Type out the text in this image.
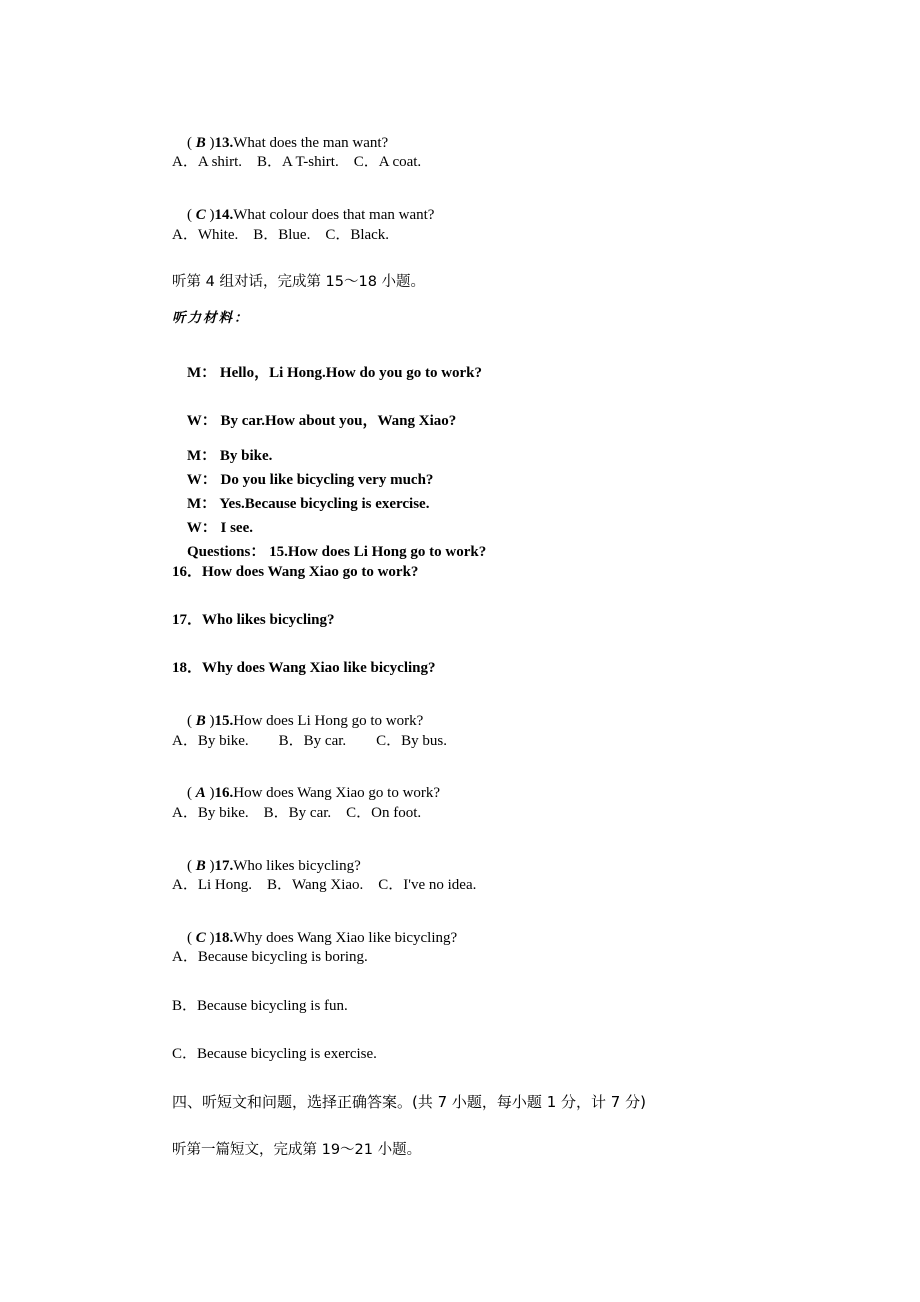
( B )13.What does the man want?

A．A shirt.    B．A T-shirt.    C．A coat.

( C )14.What colour does that man want?

A．White.    B．Blue.    C．Black.
听第 4 组对话，完成第 15～18 小题。
听力材料：

M： Hello，Li Hong.How do you go to work?

W： By car.How about you，Wang Xiao?

M： By bike.

W： Do you like bicycling very much?

M： Yes.Because bicycling is exercise.

W： I see.

Questions： 15.How does Li Hong go to work?

16．How does Wang Xiao go to work?
17．Who likes bicycling?
18．Why does Wang Xiao like bicycling?

( B )15.How does Li Hong go to work?

A．By bike.        B．By car.        C．By bus.

( A )16.How does Wang Xiao go to work?

A．By bike.    B．By car.    C．On foot.

( B )17.Who likes bicycling?

A．Li Hong.    B．Wang Xiao.    C．I've no idea.

( C )18.Why does Wang Xiao like bicycling?

A．Because bicycling is boring.
B．Because bicycling is fun.
C．Because bicycling is exercise.
四、听短文和问题，选择正确答案。(共 7 小题，每小题 1 分，计 7 分)
听第一篇短文，完成第 19～21 小题。
